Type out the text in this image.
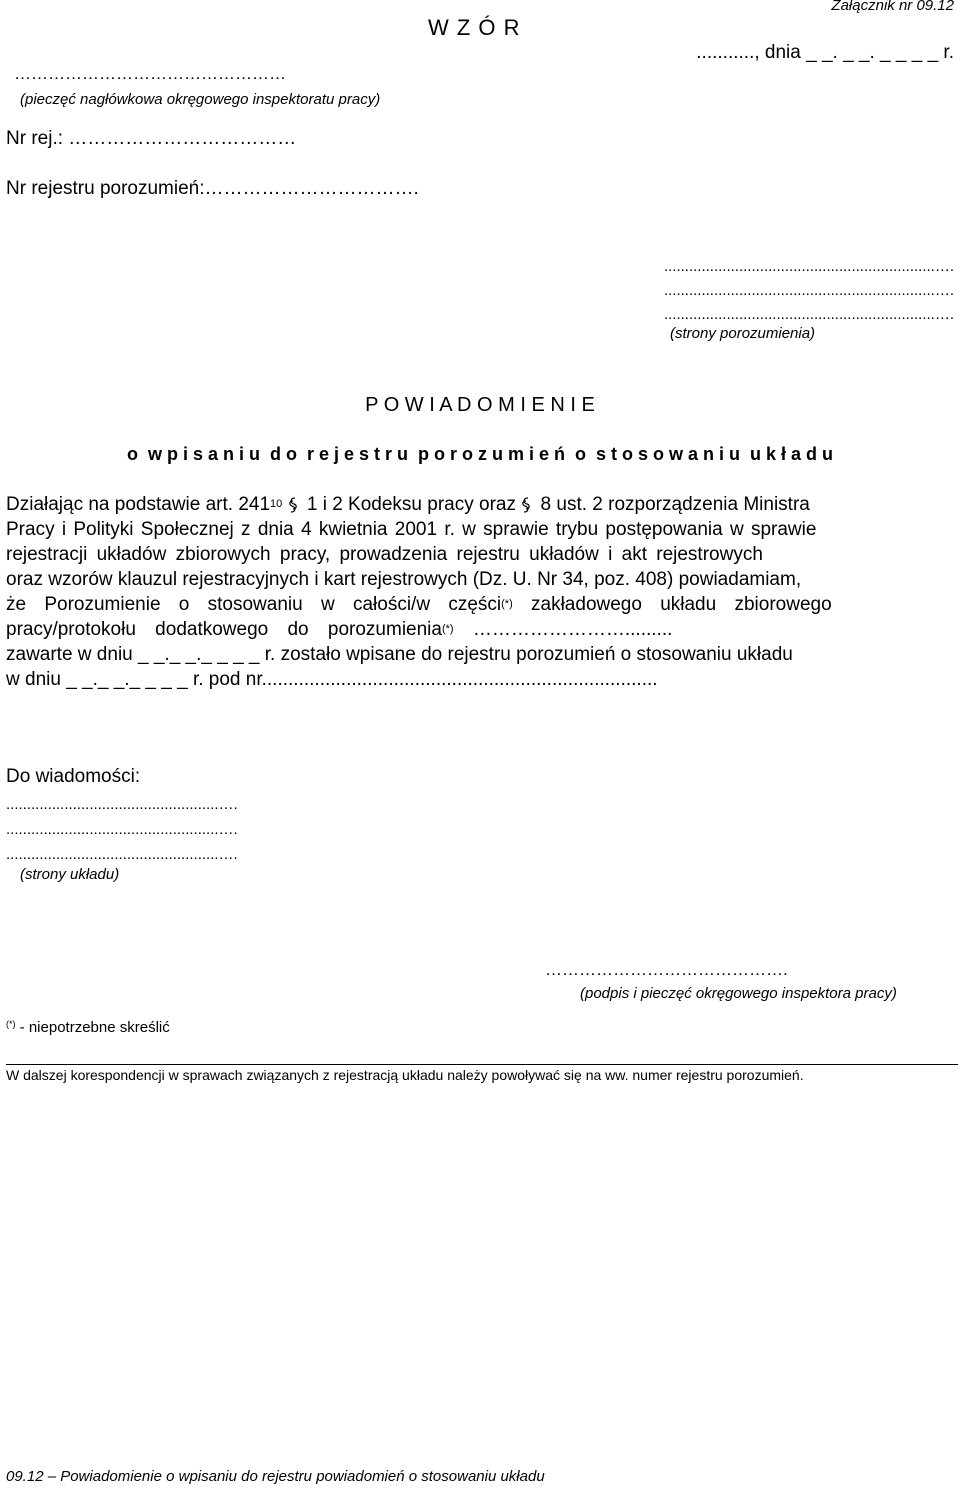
Załącznik nr 09.12
W Z Ó R
..........., dnia _ _. _ _. _ _ _ _ r.
…………………………………………
(pieczęć nagłówkowa okręgowego inspektoratu pracy)
Nr rej.: ………………………………
Nr rejestru porozumień:…………………………….
.................................................................….
.................................................................….
.................................................................….
(strony porozumienia)
P O W I A D O M I E N I E
o  w p i s a n i u  d o  r e j e s t r u  p o r o z u m i e ń  o  s t o s o w a n i u  u k ł a d u
Działając na podstawie art. $241^{10}$ 1 i 2 Kodeksu pracy oraz 8 ust. 2 rozporządzenia Ministra
Pracy i Polityki Społecznej z dnia 4 kwietnia 2001 r. w sprawie trybu postępowania w sprawie
rejestracji układów zbiorowych pracy, prowadzenia rejestru układów i akt rejestrowych
oraz wzorów klauzul rejestracyjnych i kart rejestrowych (Dz. U. Nr 34, poz. 408) powiadamiam,
że Porozumienie o stosowaniu w całości/w części(*) zakładowego układu zbiorowego
pracy/protokołu dodatkowego do porozumienia(*) …………………….........
zawarte w dniu _ _._ _._ _ _ _ r. zostało wpisane do rejestru porozumień o stosowaniu układu
w dniu _ _._ _._ _ _ _ r. pod nr...........................................................................
Do wiadomości:
...................................................….
...................................................….
...................................................….
(strony układu)
…………………………………….
(podpis i pieczęć okręgowego inspektora pracy)
(*) - niepotrzebne skreślić
W dalszej korespondencji w sprawach związanych z rejestracją układu należy powoływać się na ww. numer rejestru porozumień.
09.12 – Powiadomienie o wpisaniu do rejestru powiadomień o stosowaniu układu
